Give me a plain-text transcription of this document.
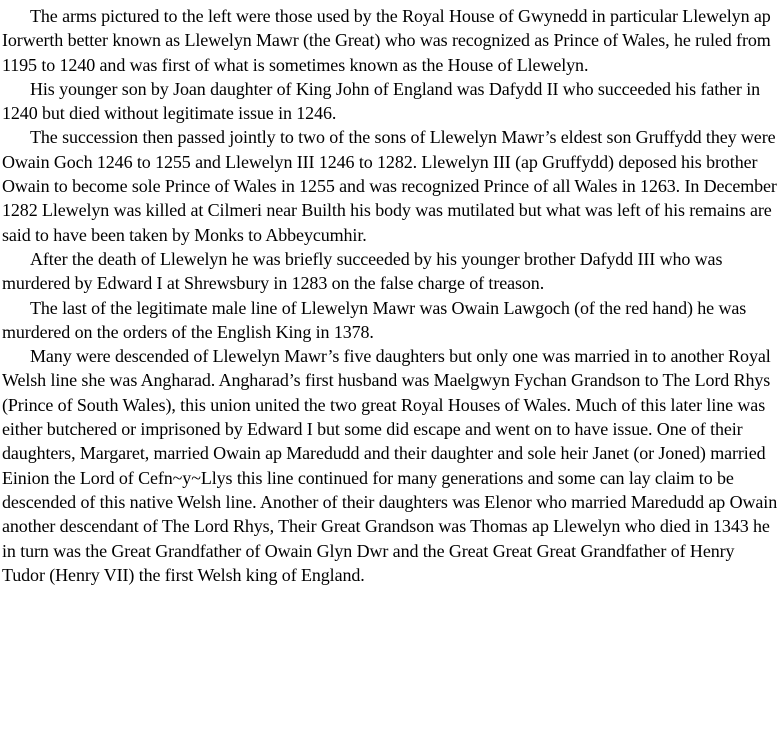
The arms pictured to the left were those used by the Royal House of Gwynedd in particular Llewelyn ap Iorwerth better known as Llewelyn Mawr (the Great) who was recognized as Prince of Wales, he ruled from 1195 to 1240 and was first of what is sometimes known as the House of Llewelyn.

His younger son by Joan daughter of King John of England was Dafydd II who succeeded his father in 1240 but died without legitimate issue in 1246.

The succession then passed jointly to two of the sons of Llewelyn Mawr’s eldest son Gruffydd they were Owain Goch 1246 to 1255 and Llewelyn III 1246 to 1282. Llewelyn III (ap Gruffydd) deposed his brother Owain to become sole Prince of Wales in 1255 and was recognized Prince of all Wales in 1263. In December 1282 Llewelyn was killed at Cilmeri near Builth his body was mutilated but what was left of his remains are said to have been taken by Monks to Abbeycumhir.

After the death of Llewelyn he was briefly succeeded by his younger brother Dafydd III who was murdered by Edward I at Shrewsbury in 1283 on the false charge of treason.

The last of the legitimate male line of Llewelyn Mawr was Owain Lawgoch (of the red hand) he was murdered on the orders of the English King in 1378.

Many were descended of Llewelyn Mawr’s five daughters but only one was married in to another Royal Welsh line she was Angharad. Angharad’s first husband was Maelgwyn Fychan Grandson to The Lord Rhys (Prince of South Wales), this union united the two great Royal Houses of Wales. Much of this later line was either butchered or imprisoned by Edward I but some did escape and went on to have issue. One of their daughters, Margaret, married Owain ap Maredudd and their daughter and sole heir Janet (or Joned) married Einion the Lord of Cefn~y~Llys this line continued for many generations and some can lay claim to be descended of this native Welsh line. Another of their daughters was Elenor who married Maredudd ap Owain another descendant of The Lord Rhys, Their Great Grandson was Thomas ap Llewelyn who died in 1343 he in turn was the Great Grandfather of Owain Glyn Dwr and the Great Great Great Grandfather of Henry Tudor (Henry VII) the first Welsh king of England.
